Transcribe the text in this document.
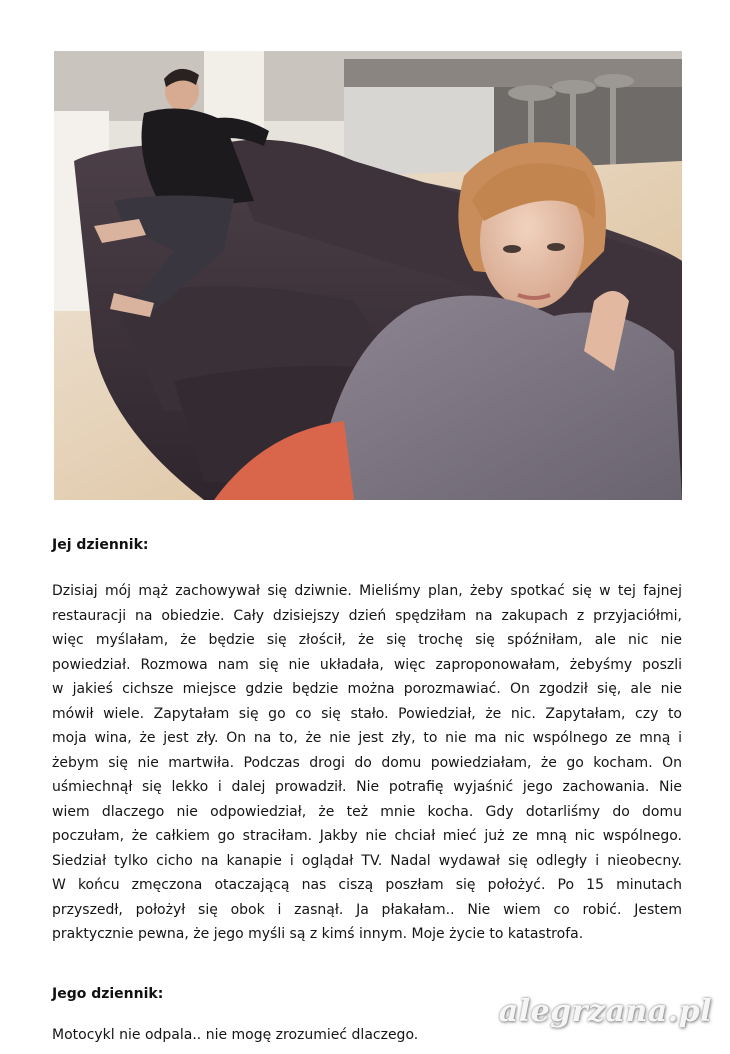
Jej dziennik:
Dzisiaj mój mąż zachowywał się dziwnie. Mieliśmy plan, żeby spotkać się w tej fajnej
restauracji na obiedzie. Cały dzisiejszy dzień spędziłam na zakupach z przyjaciółmi,
więc myślałam, że będzie się złościł, że się trochę się spóźniłam, ale nic nie
powiedział. Rozmowa nam się nie układała, więc zaproponowałam, żebyśmy poszli
w jakieś cichsze miejsce gdzie będzie można porozmawiać. On zgodził się, ale nie
mówił wiele. Zapytałam się go co się stało. Powiedział, że nic. Zapytałam, czy to
moja wina, że jest zły. On na to, że nie jest zły, to nie ma nic wspólnego ze mną i
żebym się nie martwiła. Podczas drogi do domu powiedziałam, że go kocham. On
uśmiechnął się lekko i dalej prowadził. Nie potrafię wyjaśnić jego zachowania. Nie
wiem dlaczego nie odpowiedział, że też mnie kocha. Gdy dotarliśmy do domu
poczułam, że całkiem go straciłam. Jakby nie chciał mieć już ze mną nic wspólnego.
Siedział tylko cicho na kanapie i oglądał TV. Nadal wydawał się odległy i nieobecny.
W końcu zmęczona otaczającą nas ciszą poszłam się położyć. Po 15 minutach
przyszedł, położył się obok i zasnął. Ja płakałam.. Nie wiem co robić. Jestem
praktycznie pewna, że jego myśli są z kimś innym. Moje życie to katastrofa.
Jego dziennik:
Motocykl nie odpala.. nie mogę zrozumieć dlaczego.
alegrzana.pl
